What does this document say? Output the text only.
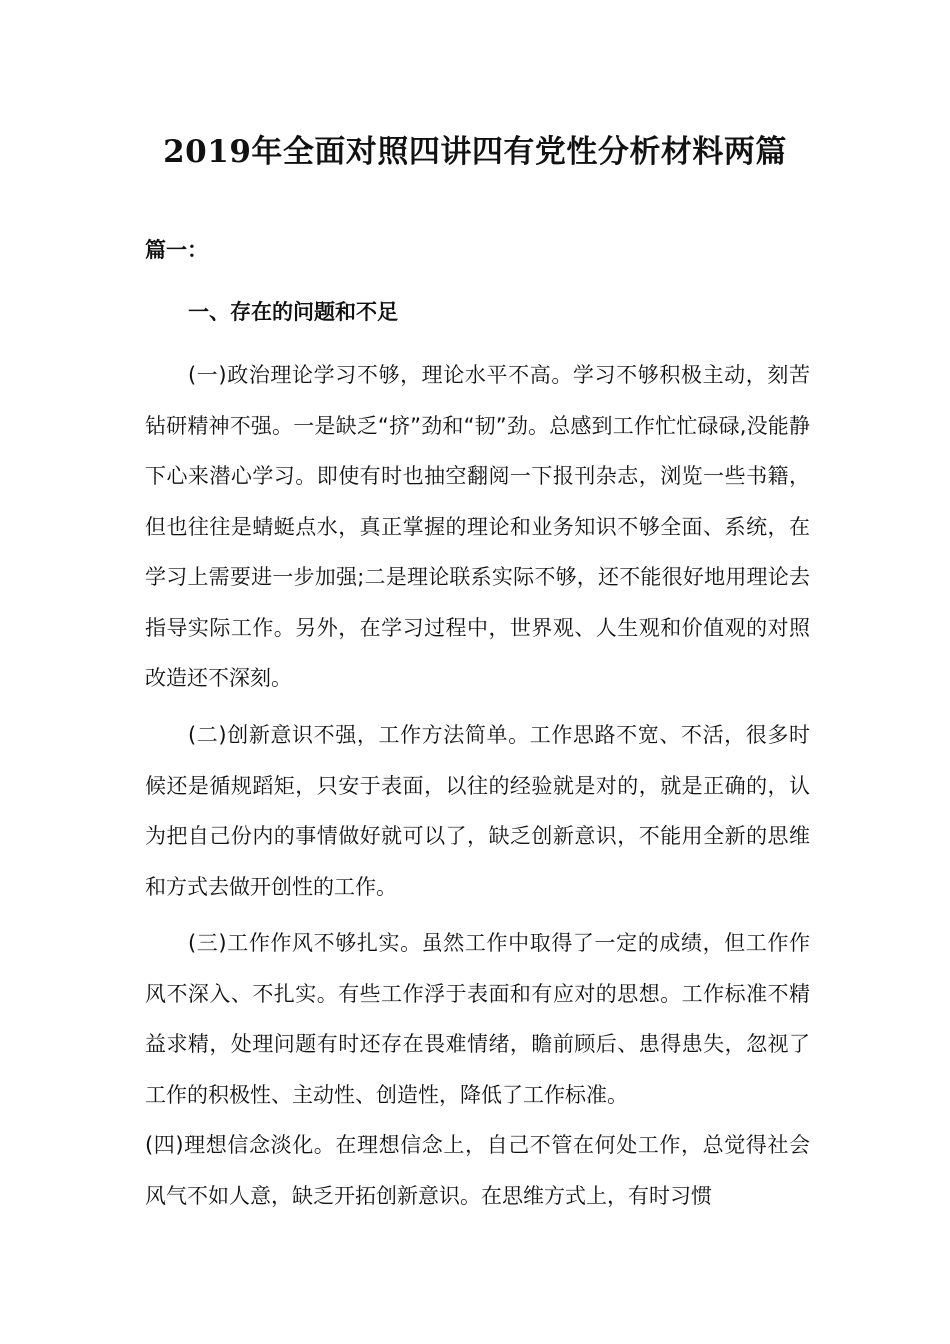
2019年全面对照四讲四有党性分析材料两篇
篇一：
一、存在的问题和不足

(一)政治理论学习不够，理论水平不高。学习不够积极主动，刻苦钻研精神不强。一是缺乏“挤”劲和“韧”劲。总感到工作忙忙碌碌,没能静下心来潜心学习。即使有时也抽空翻阅一下报刊杂志，浏览一些书籍，但也往往是蜻蜓点水，真正掌握的理论和业务知识不够全面、系统，在学习上需要进一步加强;二是理论联系实际不够，还不能很好地用理论去指导实际工作。另外，在学习过程中，世界观、人生观和价值观的对照改造还不深刻。

(二)创新意识不强，工作方法简单。工作思路不宽、不活，很多时候还是循规蹈矩，只安于表面，以往的经验就是对的，就是正确的，认为把自己份内的事情做好就可以了，缺乏创新意识，不能用全新的思维和方式去做开创性的工作。

(三)工作作风不够扎实。虽然工作中取得了一定的成绩，但工作作风不深入、不扎实。有些工作浮于表面和有应对的思想。工作标准不精益求精，处理问题有时还存在畏难情绪，瞻前顾后、患得患失，忽视了工作的积极性、主动性、创造性，降低了工作标准。

(四)理想信念淡化。在理想信念上，自己不管在何处工作，总觉得社会风气不如人意，缺乏开拓创新意识。在思维方式上，有时习惯
